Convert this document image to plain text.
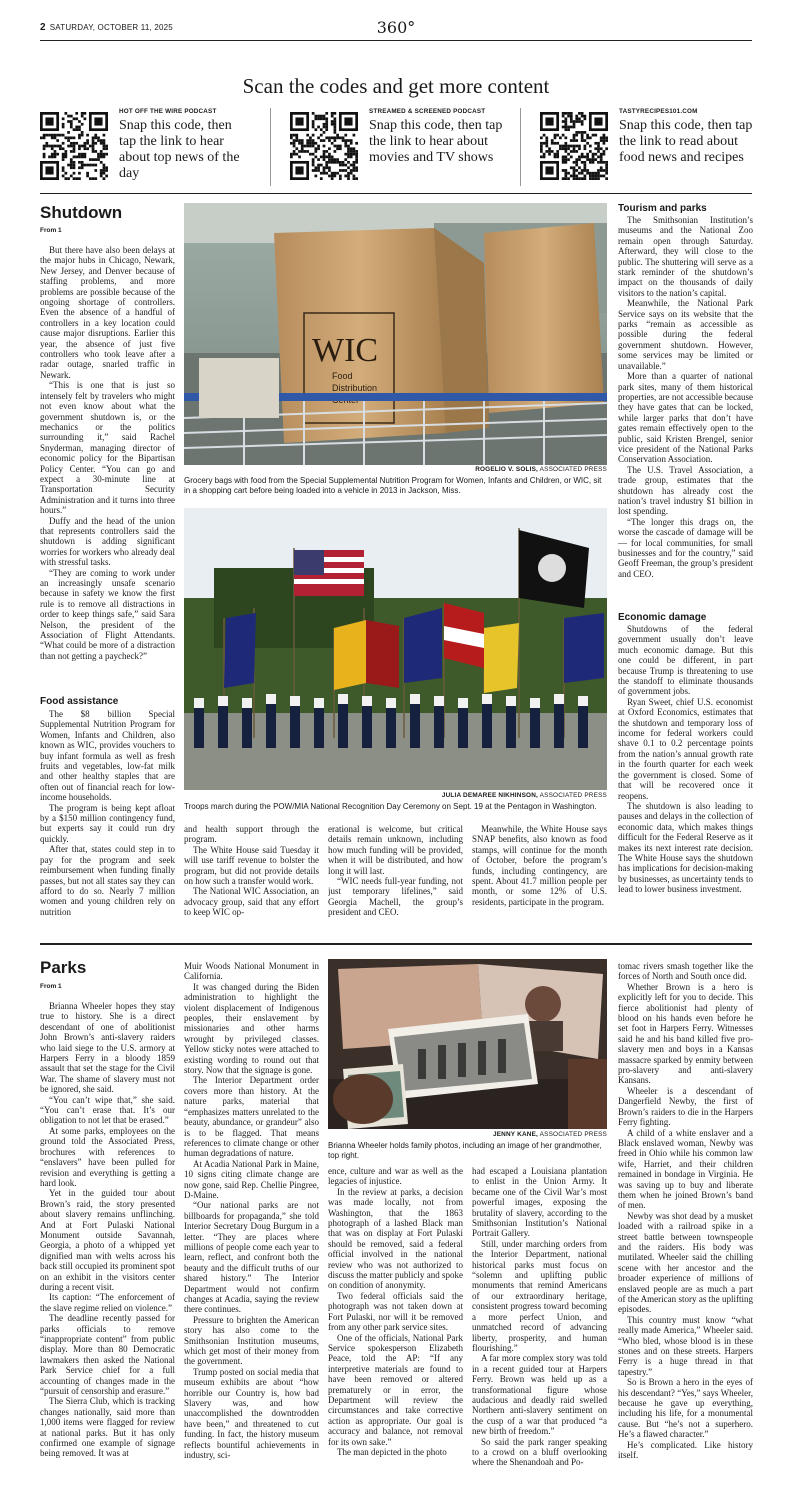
2 SATURDAY, OCTOBER 11, 2025	360°
Scan the codes and get more content
HOT OFF THE WIRE PODCAST
Snap this code, then tap the link to hear about top news of the day
STREAMED & SCREENED PODCAST
Snap this code, then tap the link to hear about movies and TV shows
TASTYRECIPES101.COM
Snap this code, then tap the link to read about food news and recipes
Shutdown
From 1

But there have also been delays at the major hubs in Chicago, Newark, New Jersey, and Denver because of staffing problems, and more problems are possible because of the ongoing shortage of controllers. Even the absence of a handful of controllers in a key location could cause major disruptions. Earlier this year, the absence of just five controllers who took leave after a radar outage, snarled traffic in Newark.

“This is one that is just so intensely felt by travelers who might not even know about what the government shutdown is, or the mechanics or the politics surrounding it,” said Rachel Snyderman, managing director of economic policy for the Bipartisan Policy Center. “You can go and expect a 30-minute line at Transportation Security Administration and it turns into three hours.”

Duffy and the head of the union that represents controllers said the shutdown is adding significant worries for workers who already deal with stressful tasks.

“They are coming to work under an increasingly unsafe scenario because in safety we know the first rule is to remove all distractions in order to keep things safe,” said Sara Nelson, the president of the Association of Flight Attendants. “What could be more of a distraction than not getting a paycheck?”

Food assistance

The $8 billion Special Supplemental Nutrition Program for Women, Infants and Children, also known as WIC, provides vouchers to buy infant formula as well as fresh fruits and vegetables, low-fat milk and other healthy staples that are often out of financial reach for low-income households.

The program is being kept afloat by a $150 million contingency fund, but experts say it could run dry quickly.

After that, states could step in to pay for the program and seek reimbursement when funding finally passes, but not all states say they can afford to do so. Nearly 7 million women and young children rely on nutrition

WIC
Food
Distribution
ROGELIO V. SOLIS, ASSOCIATED PRESS
Grocery bags with food from the Special Supplemental Nutrition Program for Women, Infants and Children, or WIC, sit in a shopping cart before being loaded into a vehicle in 2013 in Jackson, Miss.
JULIA DEMAREE NIKHINSON, ASSOCIATED PRESS
Troops march during the POW/MIA National Recognition Day Ceremony on Sept. 19 at the Pentagon in Washington.

and health support through the program.

The White House said Tuesday it will use tariff revenue to bolster the program, but did not provide details on how such a transfer would work.

The National WIC Association, an advocacy group, said that any effort to keep WIC op-

erational is welcome, but critical details remain unknown, including how much funding will be provided, when it will be distributed, and how long it will last.

“WIC needs full-year funding, not just temporary lifelines,” said Georgia Machell, the group’s president and CEO.

Meanwhile, the White House says SNAP benefits, also known as food stamps, will continue for the month of October, before the program’s funds, including contingency, are spent. About 41.7 million people per month, or some 12% of U.S. residents, participate in the program.

Tourism and parks

The Smithsonian Institution’s museums and the National Zoo remain open through Saturday. Afterward, they will close to the public. The shuttering will serve as a stark reminder of the shutdown’s impact on the thousands of daily visitors to the nation’s capital.

Meanwhile, the National Park Service says on its website that the parks “remain as accessible as possible during the federal government shutdown. However, some services may be limited or unavailable.”

More than a quarter of national park sites, many of them historical properties, are not accessible because they have gates that can be locked, while larger parks that don’t have gates remain effectively open to the public, said Kristen Brengel, senior vice president of the National Parks Conservation Association.

The U.S. Travel Association, a trade group, estimates that the shutdown has already cost the nation’s travel industry $1 billion in lost spending.

“The longer this drags on, the worse the cascade of damage will be — for local communities, for small businesses and for the country,” said Geoff Freeman, the group’s president and CEO.

Economic damage

Shutdowns of the federal government usually don’t leave much economic damage. But this one could be different, in part because Trump is threatening to use the standoff to eliminate thousands of government jobs.

Ryan Sweet, chief U.S. economist at Oxford Economics, estimates that the shutdown and temporary loss of income for federal workers could shave 0.1 to 0.2 percentage points from the nation’s annual growth rate in the fourth quarter for each week the government is closed. Some of that will be recovered once it reopens.

The shutdown is also leading to pauses and delays in the collection of economic data, which makes things difficult for the Federal Reserve as it makes its next interest rate decision. The White House says the shutdown has implications for decision-making by businesses, as uncertainty tends to lead to lower business investment.

Parks
From 1

Brianna Wheeler hopes they stay true to history. She is a direct descendant of one of abolitionist John Brown’s anti-slavery raiders who laid siege to the U.S. armory at Harpers Ferry in a bloody 1859 assault that set the stage for the Civil War. The shame of slavery must not be ignored, she said.

“You can’t wipe that,” she said. “You can’t erase that. It’s our obligation to not let that be erased.”

At some parks, employees on the ground told the Associated Press, brochures with references to “enslavers” have been pulled for revision and everything is getting a hard look.

Yet in the guided tour about Brown’s raid, the story presented about slavery remains unflinching. And at Fort Pulaski National Monument outside Savannah, Georgia, a photo of a whipped yet dignified man with welts across his back still occupied its prominent spot on an exhibit in the visitors center during a recent visit.

Its caption: “The enforcement of the slave regime relied on violence.”

The deadline recently passed for parks officials to remove “inappropriate content” from public display. More than 80 Democratic lawmakers then asked the National Park Service chief for a full accounting of changes made in the “pursuit of censorship and erasure.”

The Sierra Club, which is tracking changes nationally, said more than 1,000 items were flagged for review at national parks. But it has only confirmed one example of signage being removed. It was at

Muir Woods National Monument in California.

It was changed during the Biden administration to highlight the violent displacement of Indigenous peoples, their enslavement by missionaries and other harms wrought by privileged classes. Yellow sticky notes were attached to existing wording to round out that story. Now that the signage is gone.

The Interior Department order covers more than history. At the nature parks, material that “emphasizes matters unrelated to the beauty, abundance, or grandeur” also is to be flagged. That means references to climate change or other human degradations of nature.

At Acadia National Park in Maine, 10 signs citing climate change are now gone, said Rep. Chellie Pingree, D-Maine.

“Our national parks are not billboards for propaganda,” she told Interior Secretary Doug Burgum in a letter. “They are places where millions of people come each year to learn, reflect, and confront both the beauty and the difficult truths of our shared history.” The Interior Department would not confirm changes at Acadia, saying the review there continues.

Pressure to brighten the American story has also come to the Smithsonian Institution museums, which get most of their money from the government.

Trump posted on social media that museum exhibits are about “how horrible our Country is, how bad Slavery was, and how unaccomplished the downtrodden have been,” and threatened to cut funding. In fact, the history museum reflects bountiful achievements in industry, sci-

JENNY KANE, ASSOCIATED PRESS
Brianna Wheeler holds family photos, including an image of her grandmother, top right.

ence, culture and war as well as the legacies of injustice.

In the review at parks, a decision was made locally, not from Washington, that the 1863 photograph of a lashed Black man that was on display at Fort Pulaski should be removed, said a federal official involved in the national review who was not authorized to discuss the matter publicly and spoke on condition of anonymity.

Two federal officials said the photograph was not taken down at Fort Pulaski, nor will it be removed from any other park service sites.

One of the officials, National Park Service spokesperson Elizabeth Peace, told the AP: “If any interpretive materials are found to have been removed or altered prematurely or in error, the Department will review the circumstances and take corrective action as appropriate. Our goal is accuracy and balance, not removal for its own sake.”

The man depicted in the photo

had escaped a Louisiana plantation to enlist in the Union Army. It became one of the Civil War’s most powerful images, exposing the brutality of slavery, according to the Smithsonian Institution’s National Portrait Gallery.

Still, under marching orders from the Interior Department, national historical parks must focus on “solemn and uplifting public monuments that remind Americans of our extraordinary heritage, consistent progress toward becoming a more perfect Union, and unmatched record of advancing liberty, prosperity, and human flourishing.”

A far more complex story was told in a recent guided tour at Harpers Ferry. Brown was held up as a transformational figure whose audacious and deadly raid swelled Northern anti-slavery sentiment on the cusp of a war that produced “a new birth of freedom.”

So said the park ranger speaking to a crowd on a bluff overlooking where the Shenandoah and Po-

tomac rivers smash together like the forces of North and South once did.

Whether Brown is a hero is explicitly left for you to decide. This fierce abolitionist had plenty of blood on his hands even before he set foot in Harpers Ferry. Witnesses said he and his band killed five pro-slavery men and boys in a Kansas massacre sparked by enmity between pro-slavery and anti-slavery Kansans.

Wheeler is a descendant of Dangerfield Newby, the first of Brown’s raiders to die in the Harpers Ferry fighting.

A child of a white enslaver and a Black enslaved woman, Newby was freed in Ohio while his common law wife, Harriet, and their children remained in bondage in Virginia. He was saving up to buy and liberate them when he joined Brown’s band of men.

Newby was shot dead by a musket loaded with a railroad spike in a street battle between townspeople and the raiders. His body was mutilated. Wheeler said the chilling scene with her ancestor and the broader experience of millions of enslaved people are as much a part of the American story as the uplifting episodes.

This country must know “what really made America,” Wheeler said. “Who bled, whose blood is in these stones and on these streets. Harpers Ferry is a huge thread in that tapestry.”

So is Brown a hero in the eyes of his descendant? “Yes,” says Wheeler, because he gave up everything, including his life, for a monumental cause. But “he’s not a superhero. He’s a flawed character.”

He’s complicated. Like history itself.
